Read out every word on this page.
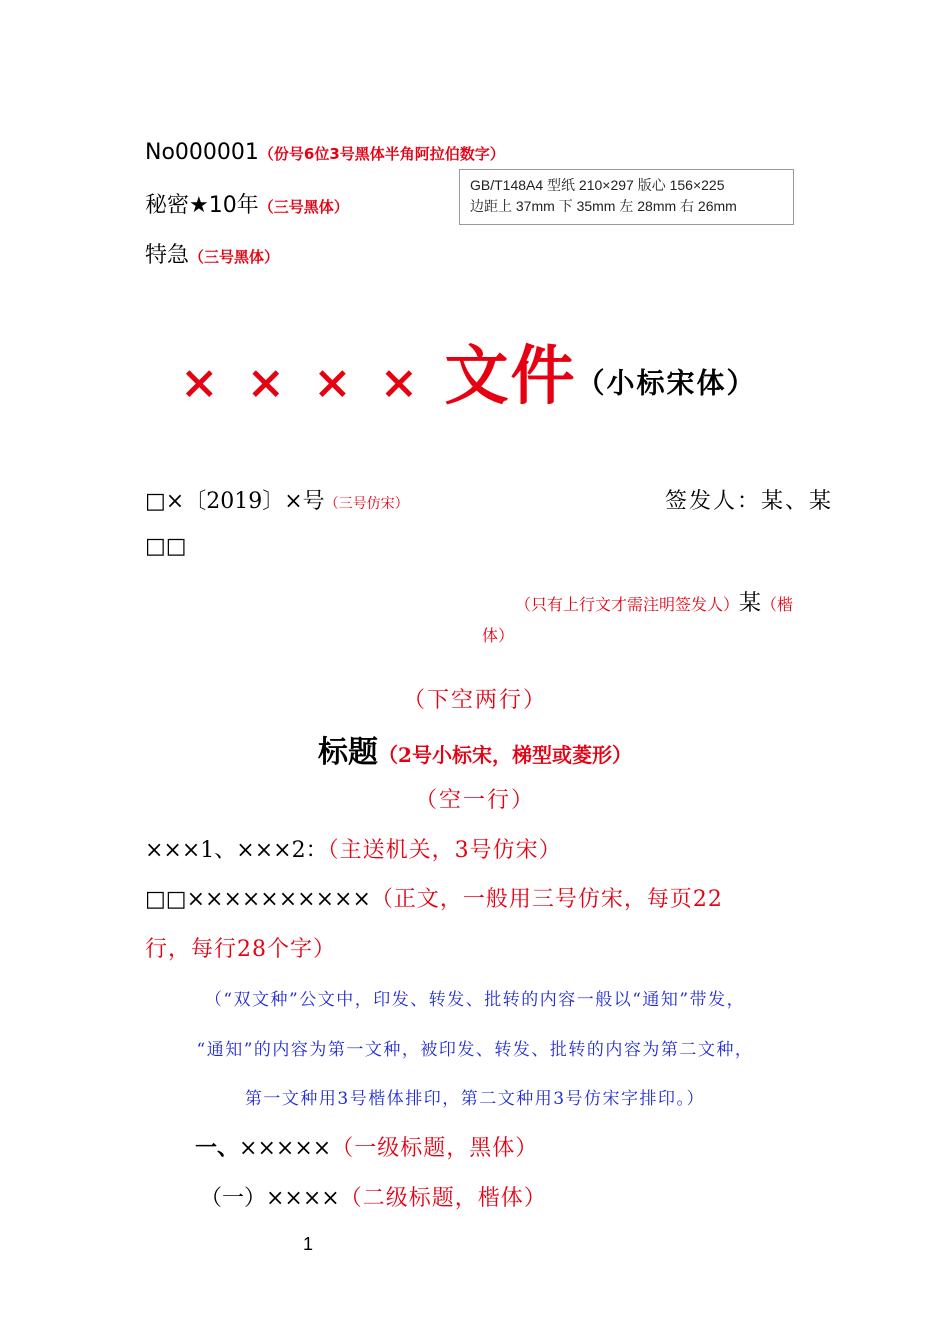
No000001（份号6位3号黑体半角阿拉伯数字）
秘密★10年（三号黑体）
特急（三号黑体）
GB/T148A4 型纸 210×297 版心 156×225
边距上 37mm 下 35mm 左 28mm 右 26mm
× × × × 文件（小标宋体）
□×〔2019〕×号（三号仿宋）	签发人：某、某
□□
（只有上行文才需注明签发人）某（楷
体）
（下空两行）
标题（2号小标宋，梯型或菱形）
（空一行）
×××1、×××2：（主送机关，3号仿宋）
□□××××××××××（正文，一般用三号仿宋，每页22
行，每行28个字）
（“双文种”公文中，印发、转发、批转的内容一般以“通知”带发，
“通知”的内容为第一文种，被印发、转发、批转的内容为第二文种，
第一文种用3号楷体排印，第二文种用3号仿宋字排印。）
一、×××××（一级标题，黑体）
（一）××××（二级标题，楷体）
1
